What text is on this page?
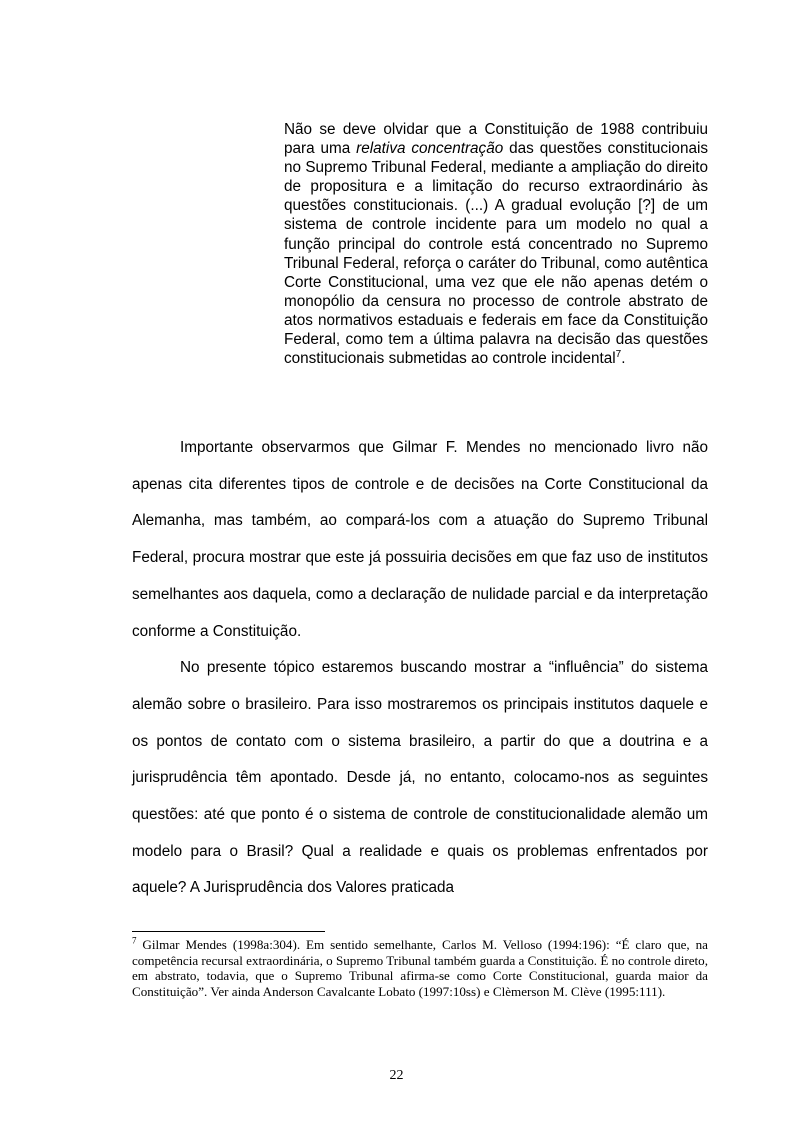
Não se deve olvidar que a Constituição de 1988 contribuiu para uma relativa concentração das questões constitucionais no Supremo Tribunal Federal, mediante a ampliação do direito de propositura e a limitação do recurso extraordinário às questões constitucionais. (...) A gradual evolução [?] de um sistema de controle incidente para um modelo no qual a função principal do controle está concentrado no Supremo Tribunal Federal, reforça o caráter do Tribunal, como autêntica Corte Constitucional, uma vez que ele não apenas detém o monopólio da censura no processo de controle abstrato de atos normativos estaduais e federais em face da Constituição Federal, como tem a última palavra na decisão das questões constitucionais submetidas ao controle incidental$^7$.

Importante observarmos que Gilmar F. Mendes no mencionado livro não apenas cita diferentes tipos de controle e de decisões na Corte Constitucional da Alemanha, mas também, ao compará-los com a atuação do Supremo Tribunal Federal, procura mostrar que este já possuiria decisões em que faz uso de institutos semelhantes aos daquela, como a declaração de nulidade parcial e da interpretação conforme a Constituição.

No presente tópico estaremos buscando mostrar a “influência” do sistema alemão sobre o brasileiro. Para isso mostraremos os principais institutos daquele e os pontos de contato com o sistema brasileiro, a partir do que a doutrina e a jurisprudência têm apontado. Desde já, no entanto, colocamo-nos as seguintes questões: até que ponto é o sistema de controle de constitucionalidade alemão um modelo para o Brasil? Qual a realidade e quais os problemas enfrentados por aquele? A Jurisprudência dos Valores praticada

$^7$ Gilmar Mendes (1998a:304). Em sentido semelhante, Carlos M. Velloso (1994:196): “É claro que, na competência recursal extraordinária, o Supremo Tribunal também guarda a Constituição. É no controle direto, em abstrato, todavia, que o Supremo Tribunal afirma-se como Corte Constitucional, guarda maior da Constituição”. Ver ainda Anderson Cavalcante Lobato (1997:10ss) e Clèmerson M. Clève (1995:111).

22
